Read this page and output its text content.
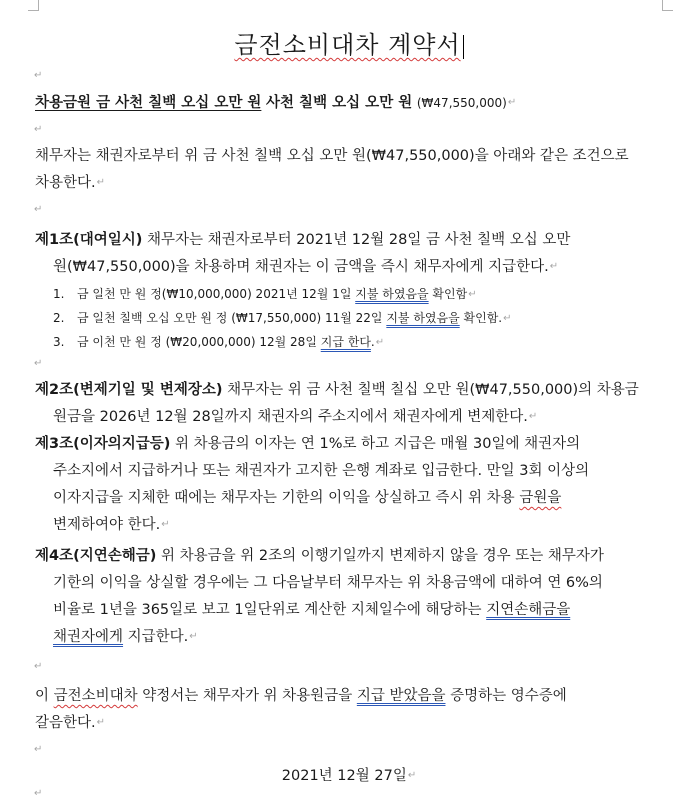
금전소비대차 계약서
↵
차용금원 금 사천 칠백 오십 오만 원 사천 칠백 오십 오만 원 (₩47,550,000)↵
↵
채무자는 채권자로부터 위 금 사천 칠백 오십 오만 원(₩47,550,000)을 아래와 같은 조건으로
차용한다.↵
↵
제1조(대여일시) 채무자는 채권자로부터 2021년 12월 28일 금 사천 칠백 오십 오만
원(₩47,550,000)을 차용하며 채권자는 이 금액을 즉시 채무자에게 지급한다.↵
1. 금 일천 만 원 정(₩10,000,000) 2021년 12월 1일 지불 하였음을 확인함↵
2. 금 일천 칠백 오십 오만 원 정 (₩17,550,000) 11월 22일 지불 하였음을 확인함.↵
3. 금 이천 만 원 정 (₩20,000,000) 12월 28일 지급 한다.↵
↵
제2조(변제기일 및 변제장소) 채무자는 위 금 사천 칠백 칠십 오만 원(₩47,550,000)의 차용금
원금을 2026년 12월 28일까지 채권자의 주소지에서 채권자에게 변제한다.↵
제3조(이자의지급등) 위 차용금의 이자는 연 1%로 하고 지급은 매월 30일에 채권자의
주소지에서 지급하거나 또는 채권자가 고지한 은행 계좌로 입금한다. 만일 3회 이상의
이자지급을 지체한 때에는 채무자는 기한의 이익을 상실하고 즉시 위 차용 금원을
변제하여야 한다.↵
제4조(지연손해금) 위 차용금을 위 2조의 이행기일까지 변제하지 않을 경우 또는 채무자가
기한의 이익을 상실할 경우에는 그 다음날부터 채무자는 위 차용금액에 대하여 연 6%의
비율로 1년을 365일로 보고 1일단위로 계산한 지체일수에 해당하는 지연손해금을
채권자에게 지급한다.↵
↵
이 금전소비대차 약정서는 채무자가 위 차용원금을 지급 받았음을 증명하는 영수증에
갈음한다.↵
↵
2021년 12월 27일↵
↵
